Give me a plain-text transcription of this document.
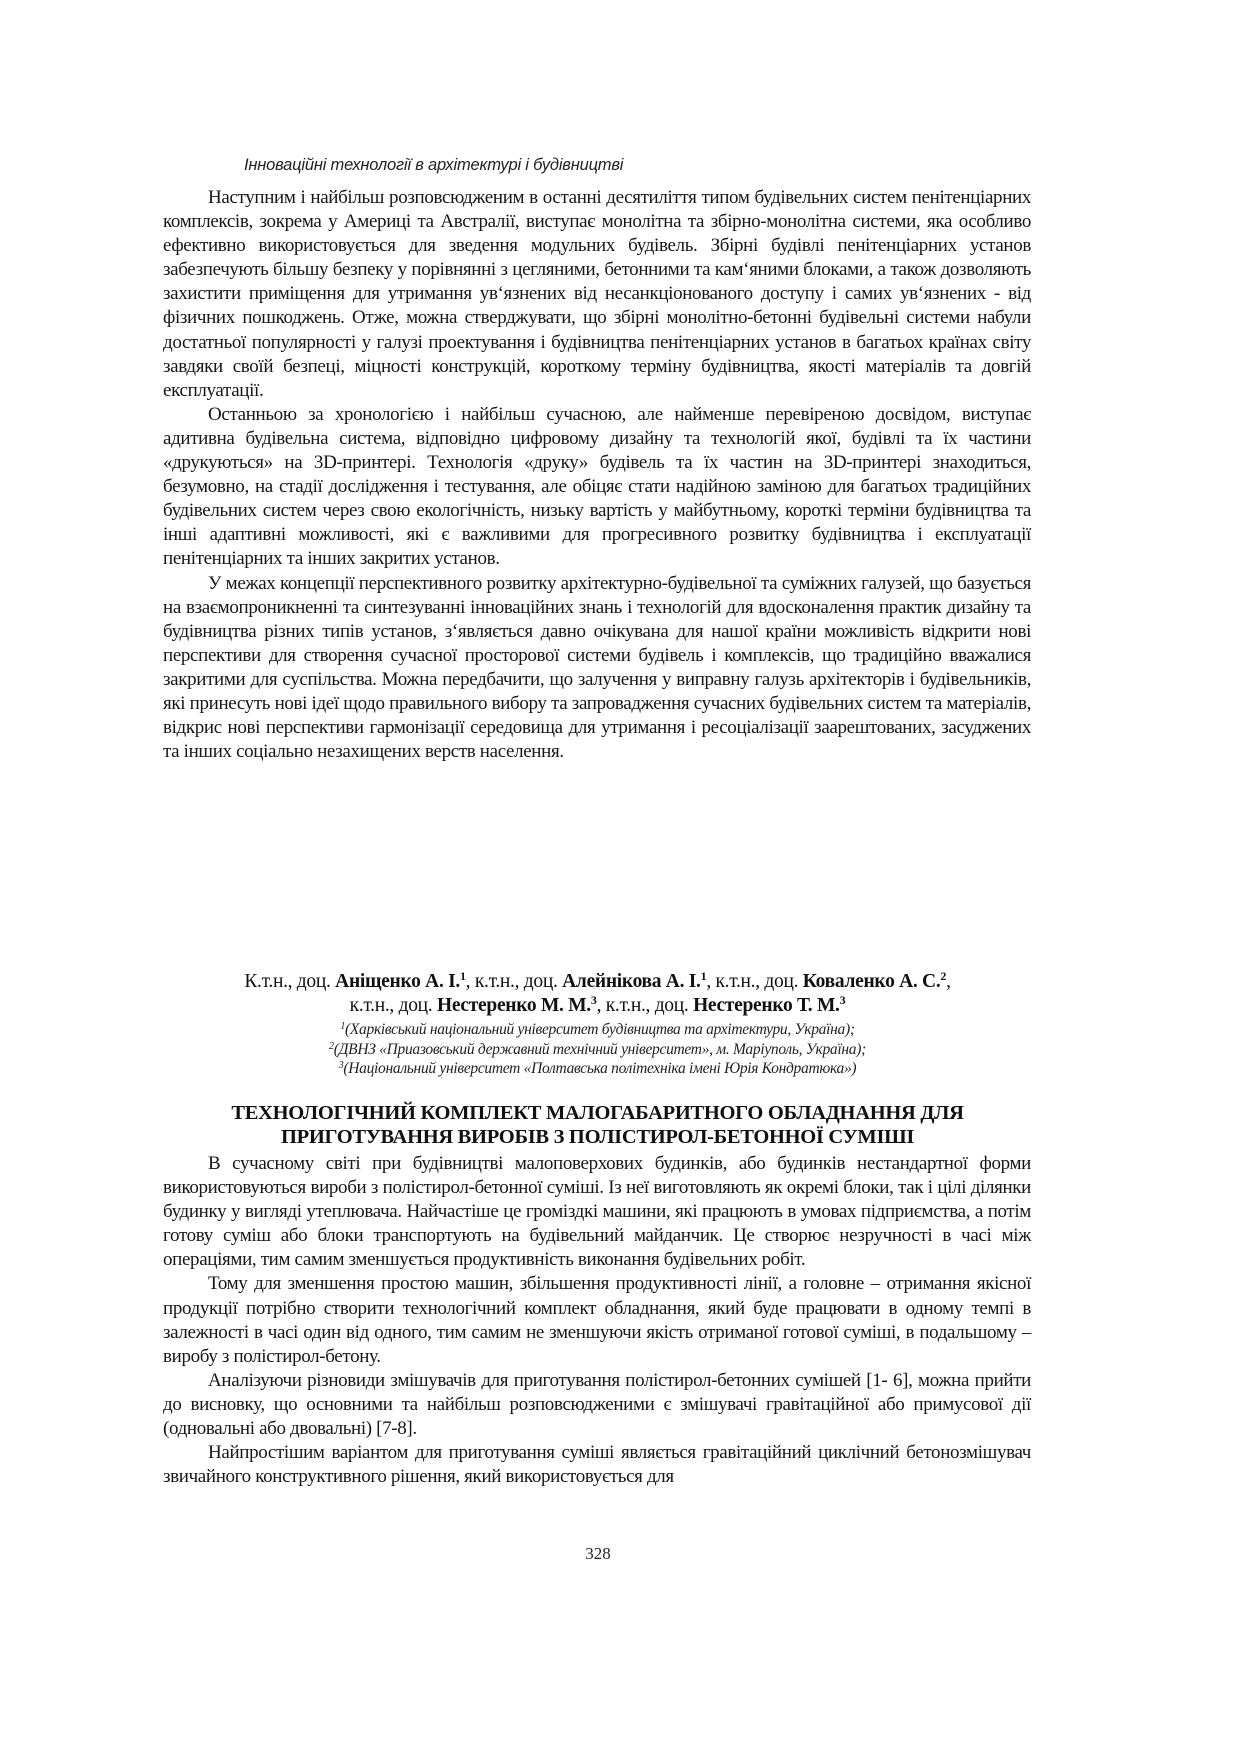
Інноваційні технології в архітектурі і будівництві

Наступним і найбільш розповсюдженим в останні десятиліття типом будівельних систем пенітенціарних комплексів, зокрема у Америці та Австралії, виступає монолітна та збірно-монолітна системи, яка особливо ефективно використовується для зведення модульних будівель. Збірні будівлі пенітенціарних установ забезпечують більшу безпеку у порівнянні з цегляними, бетонними та кам‘яними блоками, а також дозволяють захистити приміщення для утримання ув‘язнених від несанкціонованого доступу і самих ув‘язнених - від фізичних пошкоджень. Отже, можна стверджувати, що збірні монолітно-бетонні будівельні системи набули достатньої популярності у галузі проектування і будівництва пенітенціарних установ в багатьох країнах світу завдяки своїй безпеці, міцності конструкцій, короткому терміну будівництва, якості матеріалів та довгій експлуатації.

Останньою за хронологією і найбільш сучасною, але найменше перевіреною досвідом, виступає адитивна будівельна система, відповідно цифровому дизайну та технологій якої, будівлі та їх частини «друкуються» на 3D-принтері. Технологія «друку» будівель та їх частин на 3D-принтері знаходиться, безумовно, на стадії дослідження і тестування, але обіцяє стати надійною заміною для багатьох традиційних будівельних систем через свою екологічність, низьку вартість у майбутньому, короткі терміни будівництва та інші адаптивні можливості, які є важливими для прогресивного розвитку будівництва і експлуатації пенітенціарних та інших закритих установ.

У межах концепції перспективного розвитку архітектурно-будівельної та суміжних галузей, що базується на взаємопроникненні та синтезуванні інноваційних знань і технологій для вдосконалення практик дизайну та будівництва різних типів установ, з‘являється давно очікувана для нашої країни можливість відкрити нові перспективи для створення сучасної просторової системи будівель і комплексів, що традиційно вважалися закритими для суспільства. Можна передбачити, що залучення у виправну галузь архітекторів і будівельників, які принесуть нові ідеї щодо правильного вибору та запровадження сучасних будівельних систем та матеріалів, відкрис нові перспективи гармонізації середовища для утримання і ресоціалізації заарештованих, засуджених та інших соціально незахищених верств населення.

К.т.н., доц. Аніщенко А. І.$^1$, к.т.н., доц. Алейнікова А. І.$^1$, к.т.н., доц. Коваленко А. С.$^2$,
к.т.н., доц. Нестеренко М. М.$^3$, к.т.н., доц. Нестеренко Т. М.$^3$
$^1$(Харківський національний університет будівництва та архітектури, Україна);
$^2$(ДВНЗ «Приазовський державний технічний університет», м. Маріуполь, Україна);
$^3$(Національний університет «Полтавська політехніка імені Юрія Кондратюка»)
ТЕХНОЛОГІЧНИЙ КОМПЛЕКТ МАЛОГАБАРИТНОГО ОБЛАДНАННЯ ДЛЯ
ПРИГОТУВАННЯ ВИРОБІВ З ПОЛІСТИРОЛ-БЕТОННОЇ СУМІШІ

В сучасному світі при будівництві малоповерхових будинків, або будинків нестандартної форми використовуються вироби з полістирол-бетонної суміші. Із неї виготовляють як окремі блоки, так і цілі ділянки будинку у вигляді утеплювача. Найчастіше це громіздкі машини, які працюють в умовах підприємства, а потім готову суміш або блоки транспортують на будівельний майданчик. Це створює незручності в часі між операціями, тим самим зменшується продуктивність виконання будівельних робіт.

Тому для зменшення простою машин, збільшення продуктивності лінії, а головне – отримання якісної продукції потрібно створити технологічний комплект обладнання, який буде працювати в одному темпі в залежності в часі один від одного, тим самим не зменшуючи якість отриманої готової суміші, в подальшому – виробу з полістирол-бетону.

Аналізуючи різновиди змішувачів для приготування полістирол-бетонних сумішей [1- 6], можна прийти до висновку, що основними та найбільш розповсюдженими є змішувачі гравітаційної або примусової дії (одновальні або двовальні) [7-8].

Найпростішим варіантом для приготування суміші являється гравітаційний циклічний бетонозмішувач звичайного конструктивного рішення, який використовується для

328
